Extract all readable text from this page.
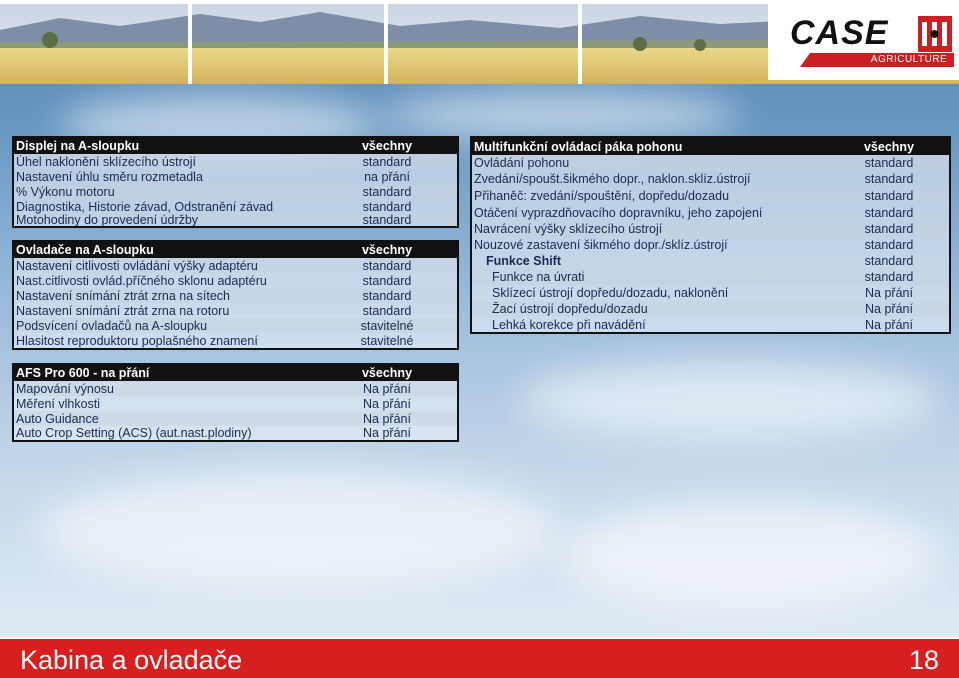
CASE
AGRICULTURE
Displej na A-sloupku	všechny
Úhel naklonění sklízecího ústrojí	standard
Nastavení úhlu směru rozmetadla	na přání
% Výkonu motoru	standard
Diagnostika, Historie závad, Odstranění závad	standard
Motohodiny do provedení údržby	standard
Ovladače na A-sloupku	všechny
Nastavení citlivosti ovládání výšky adaptéru	standard
Nast.citlivosti ovlád.příčného sklonu adaptéru	standard
Nastavení snímání ztrát zrna na sítech	standard
Nastavení snímání ztrát zrna na rotoru	standard
Podsvícení ovladačů na A-sloupku	stavitelné
Hlasitost reproduktoru poplašného znamení	stavitelné
AFS Pro 600 - na přání	všechny
Mapování výnosu	Na přání
Měření vlhkosti	Na přání
Auto Guidance	Na přání
Auto Crop Setting (ACS) (aut.nast.plodiny)	Na přání
Multifunkční ovládací páka pohonu	všechny
Ovládání pohonu	standard
Zvedání/spoušt.šikmého dopr., naklon.sklíz.ústrojí	standard
Přihaněč: zvedání/spouštění, dopředu/dozadu	standard
Otáčení vyprazdňovacího dopravníku, jeho zapojení	standard
Navrácení výšky sklízecího ústrojí	standard
Nouzové zastavení šikmého dopr./sklíz.ústrojí	standard
Funkce Shift	standard
Funkce na úvrati	standard
Sklízecí ústrojí dopředu/dozadu, naklonění	Na přání
Žací ústrojí dopředu/dozadu	Na přání
Lehká korekce při navádění	Na přání
Kabina a ovladače	18
